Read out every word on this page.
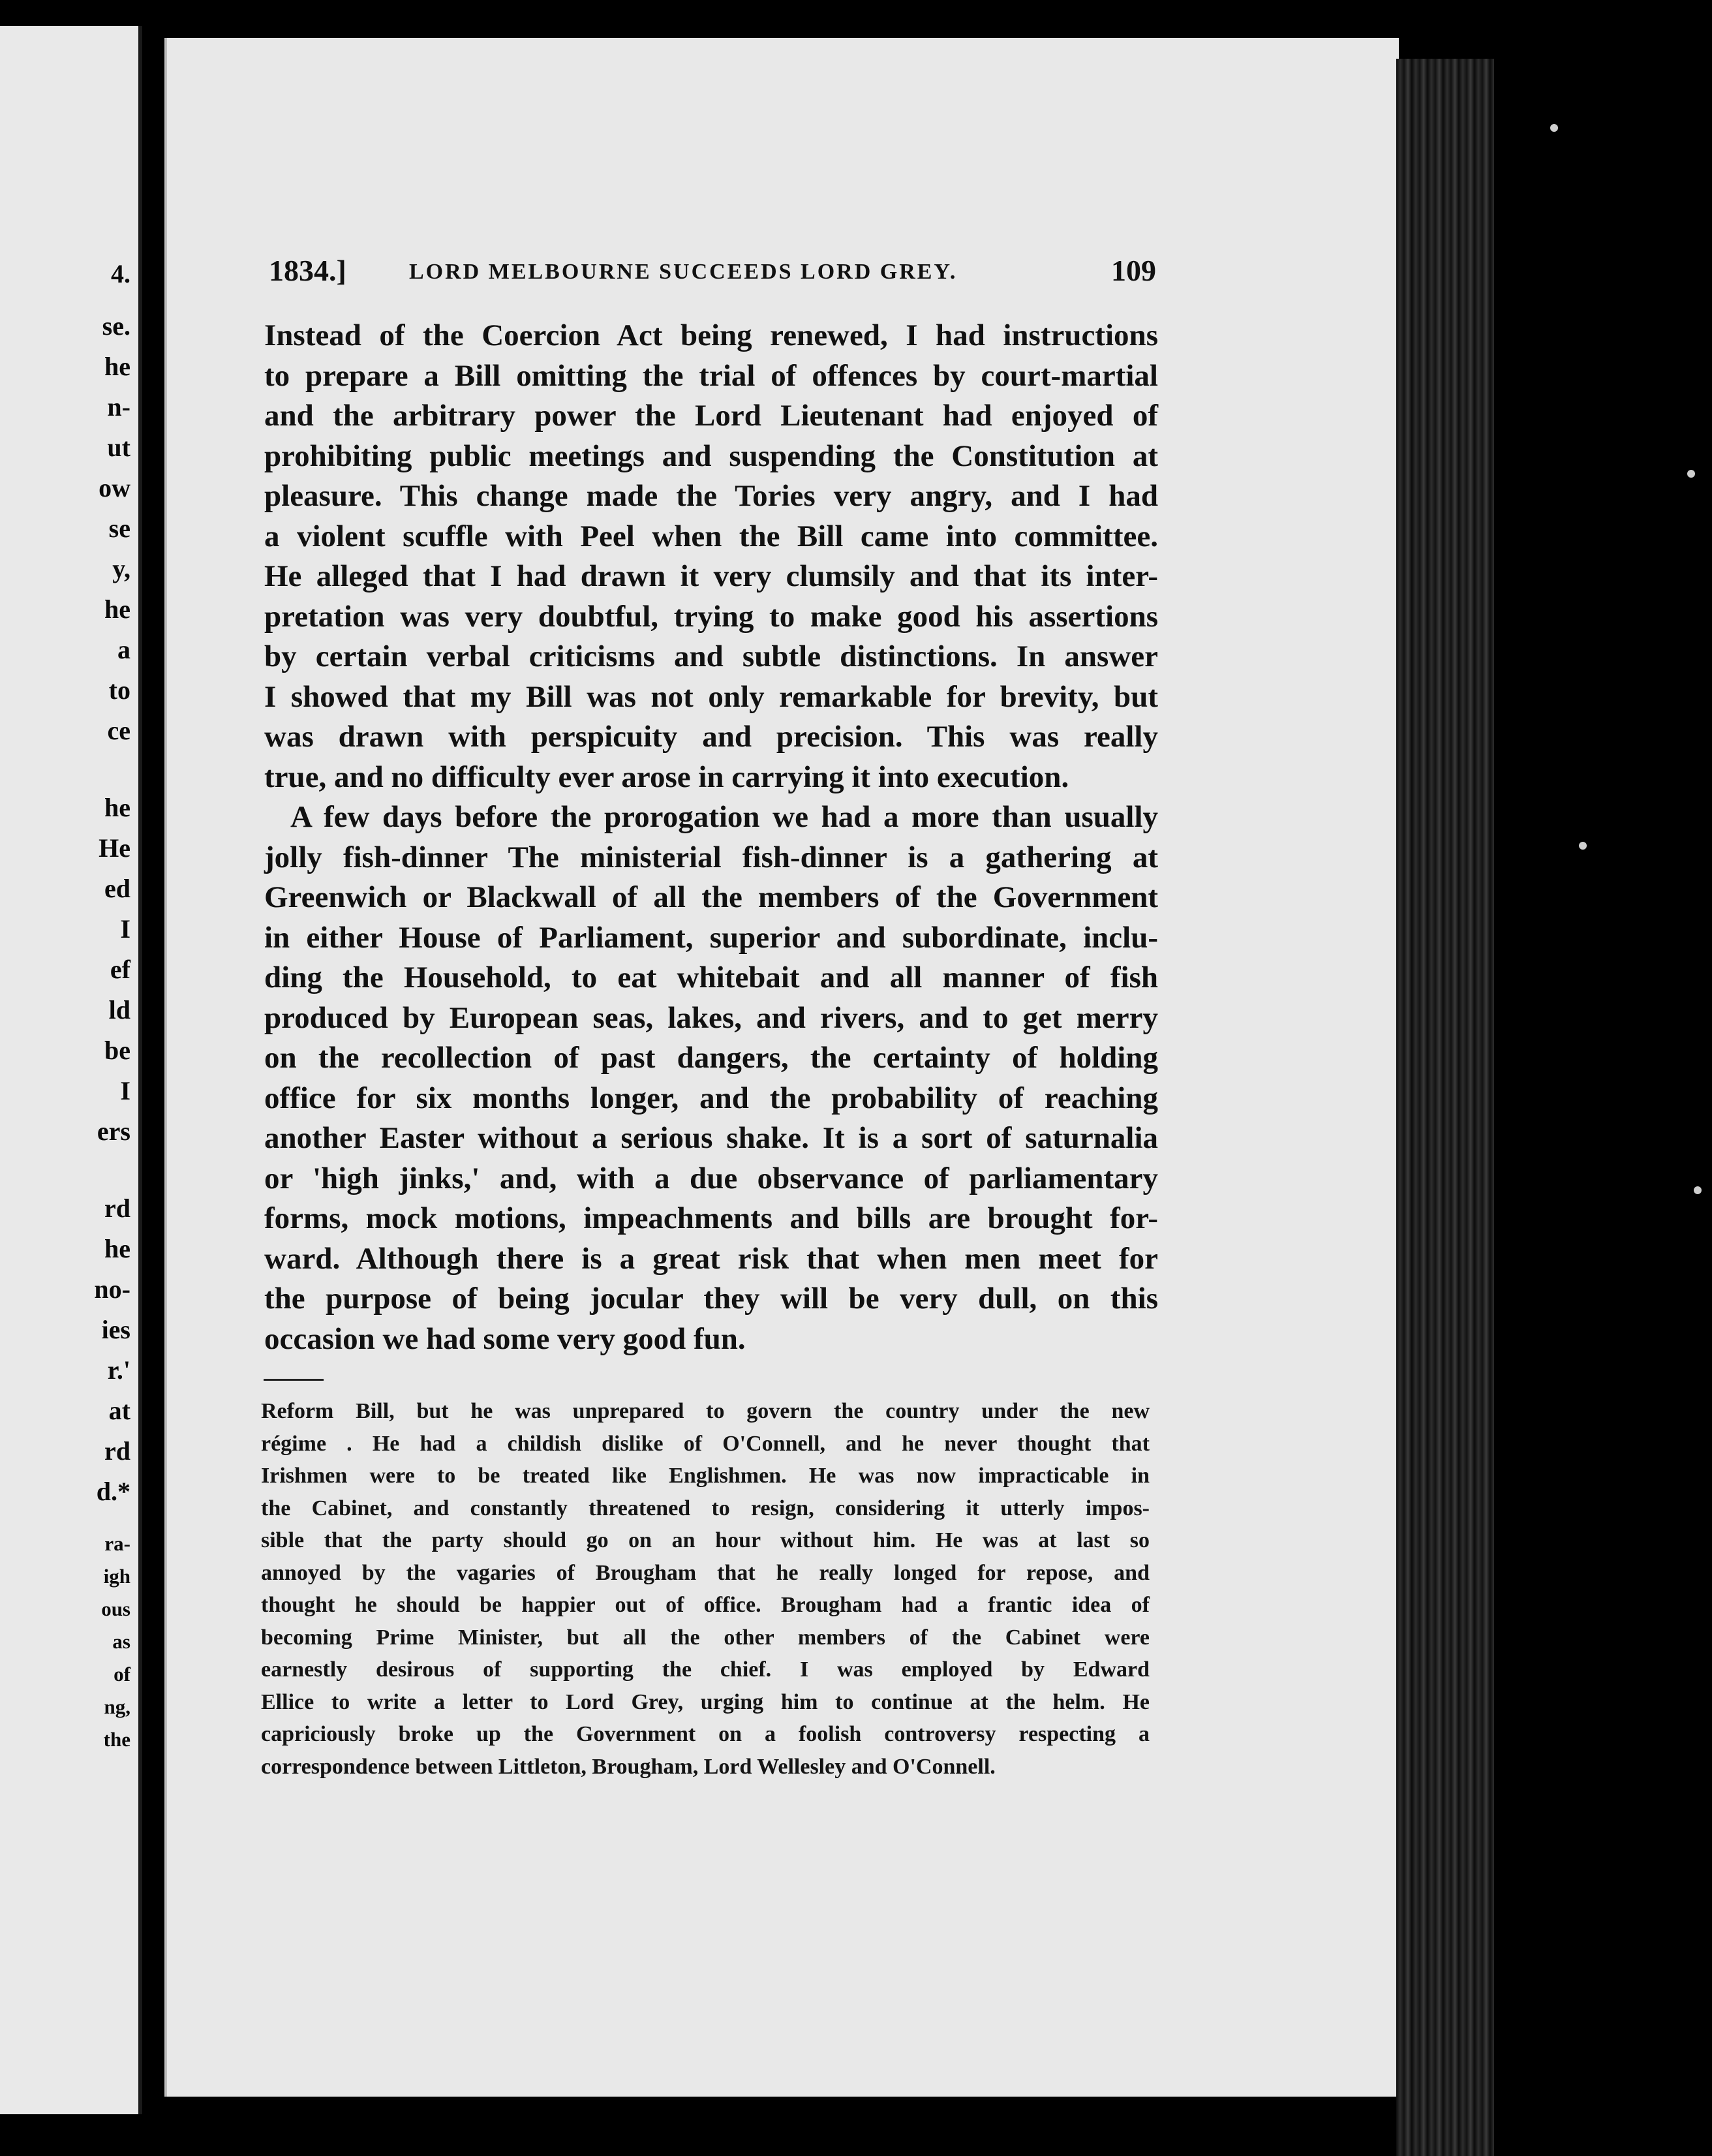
4.
se.
he
n-
ut
ow
se
y,
he
a
to
ce
he
He
ed
I
ef
ld
be
I
ers
rd
he
no-
ies
r.'
at
rd
d.*
ra-
igh
ous
as
of
ng,
the
1834.]	LORD MELBOURNE SUCCEEDS LORD GREY.	109
Instead of the Coercion Act being renewed, I had instructions
to prepare a Bill omitting the trial of offences by court-martial
and the arbitrary power the Lord Lieutenant had enjoyed of
prohibiting public meetings and suspending the Constitution at
pleasure. This change made the Tories very angry, and I had
a violent scuffle with Peel when the Bill came into committee.
He alleged that I had drawn it very clumsily and that its inter-
pretation was very doubtful, trying to make good his assertions
by certain verbal criticisms and subtle distinctions. In answer
I showed that my Bill was not only remarkable for brevity, but
was drawn with perspicuity and precision. This was really
true, and no difficulty ever arose in carrying it into execution.
A few days before the prorogation we had a more than usually
jolly fish-dinner The ministerial fish-dinner is a gathering at
Greenwich or Blackwall of all the members of the Government
in either House of Parliament, superior and subordinate, inclu-
ding the Household, to eat whitebait and all manner of fish
produced by European seas, lakes, and rivers, and to get merry
on the recollection of past dangers, the certainty of holding
office for six months longer, and the probability of reaching
another Easter without a serious shake. It is a sort of saturnalia
or 'high jinks,' and, with a due observance of parliamentary
forms, mock motions, impeachments and bills are brought for-
ward. Although there is a great risk that when men meet for
the purpose of being jocular they will be very dull, on this
occasion we had some very good fun.
Reform Bill, but he was unprepared to govern the country under the new
régime . He had a childish dislike of O'Connell, and he never thought that
Irishmen were to be treated like Englishmen. He was now impracticable in
the Cabinet, and constantly threatened to resign, considering it utterly impos-
sible that the party should go on an hour without him. He was at last so
annoyed by the vagaries of Brougham that he really longed for repose, and
thought he should be happier out of office. Brougham had a frantic idea of
becoming Prime Minister, but all the other members of the Cabinet were
earnestly desirous of supporting the chief. I was employed by Edward
Ellice to write a letter to Lord Grey, urging him to continue at the helm. He
capriciously broke up the Government on a foolish controversy respecting a
correspondence between Littleton, Brougham, Lord Wellesley and O'Connell.
